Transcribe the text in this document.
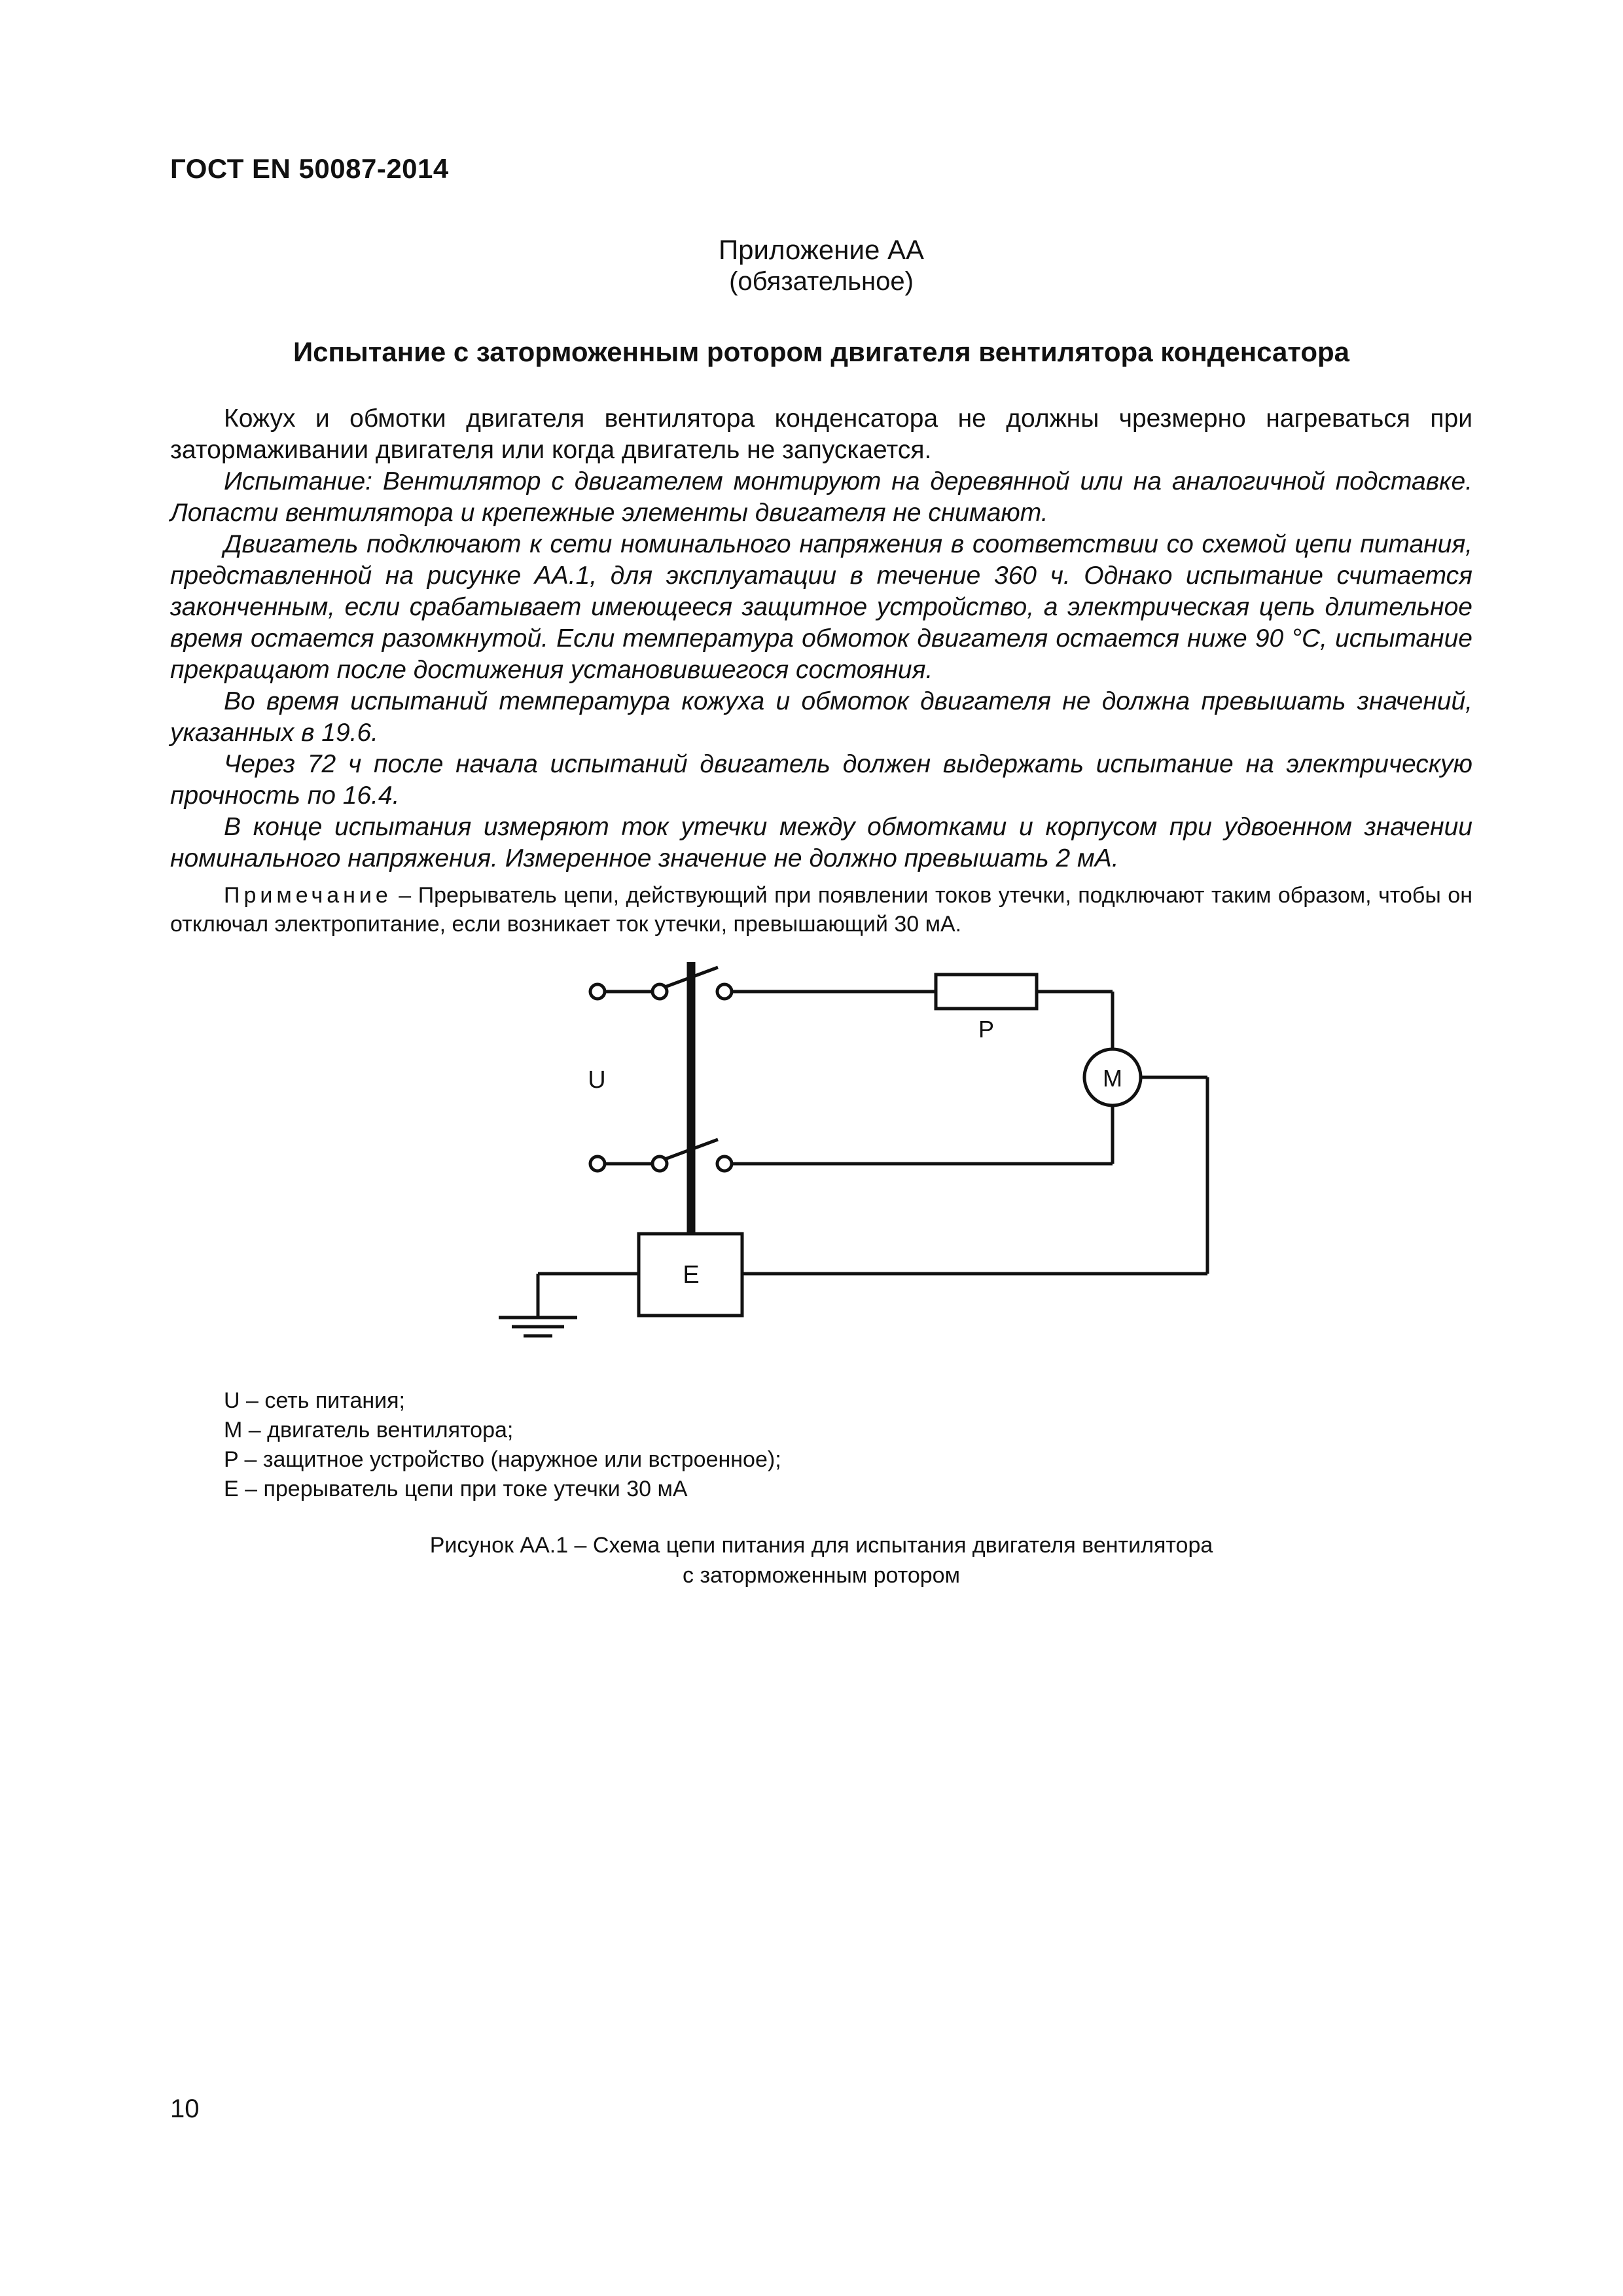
ГОСТ EN 50087-2014
Приложение АА
(обязательное)
Испытание с заторможенным ротором двигателя вентилятора конденсатора

Кожух и обмотки двигателя вентилятора конденсатора не должны чрезмерно нагреваться при затормаживании двигателя или когда двигатель не запускается.

Испытание: Вентилятор с двигателем монтируют на деревянной или на аналогичной подставке. Лопасти вентилятора и крепежные элементы двигателя не снимают.

Двигатель подключают к сети номинального напряжения в соответствии со схемой цепи питания, представленной на рисунке АА.1, для эксплуатации в течение 360 ч. Однако испытание считается законченным, если срабатывает имеющееся защитное устройство, а электрическая цепь длительное время остается разомкнутой. Если температура обмоток двигателя остается ниже 90 °С, испытание прекращают после достижения установившегося состояния.

Во время испытаний температура кожуха и обмоток двигателя не должна превышать значений, указанных в 19.6.

Через 72 ч после начала испытаний двигатель должен выдержать испытание на электрическую прочность по 16.4.

В конце испытания измеряют ток утечки между обмотками и корпусом при удвоенном значении номинального напряжения. Измеренное значение не должно превышать 2 мА.

Примечание – Прерыватель цепи, действующий при появлении токов утечки, подключают таким образом, чтобы он отключал электропитание, если возникает ток утечки, превышающий 30 мА.

U
P
M
E
U – сеть питания;
M – двигатель вентилятора;
P – защитное устройство (наружное или встроенное);
E – прерыватель цепи при токе утечки 30 мА
Рисунок АА.1 – Схема цепи питания для испытания двигателя вентилятора
с заторможенным ротором
10
